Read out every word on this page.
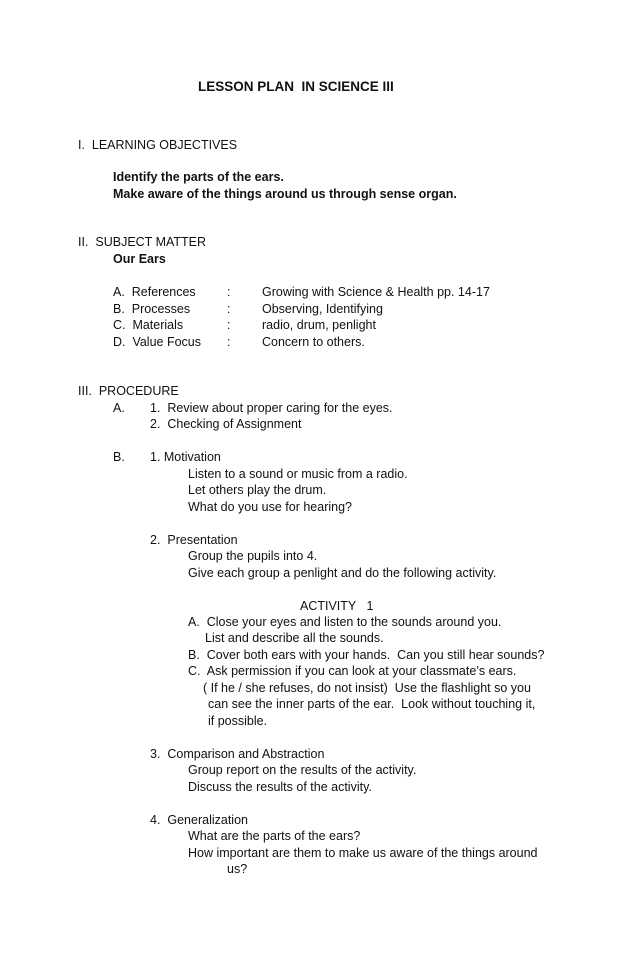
LESSON PLAN  IN SCIENCE III
I.  LEARNING OBJECTIVES
Identify the parts of the ears.
Make aware of the things around us through sense organ.
II.  SUBJECT MATTER
Our Ears
A.  References	:	Growing with Science & Health pp. 14-17
B.  Processes	:	Observing, Identifying
C.  Materials	:	radio, drum, penlight
D.  Value Focus :	Concern to others.
III.  PROCEDURE
A. 1.  Review about proper caring for the eyes.
2.  Checking of Assignment
B. 1. Motivation
Listen to a sound or music from a radio.
Let others play the drum.
What do you use for hearing?
2.  Presentation
Group the pupils into 4.
Give each group a penlight and do the following activity.
ACTIVITY   1
A.  Close your eyes and listen to the sounds around you.
List and describe all the sounds.
B.  Cover both ears with your hands.  Can you still hear sounds?
C.  Ask permission if you can look at your classmate’s ears.
( If he / she refuses, do not insist)  Use the flashlight so you
can see the inner parts of the ear.  Look without touching it,
if possible.
3.  Comparison and Abstraction
Group report on the results of the activity.
Discuss the results of the activity.
4.  Generalization
What are the parts of the ears?
How important are them to make us aware of the things around
us?
